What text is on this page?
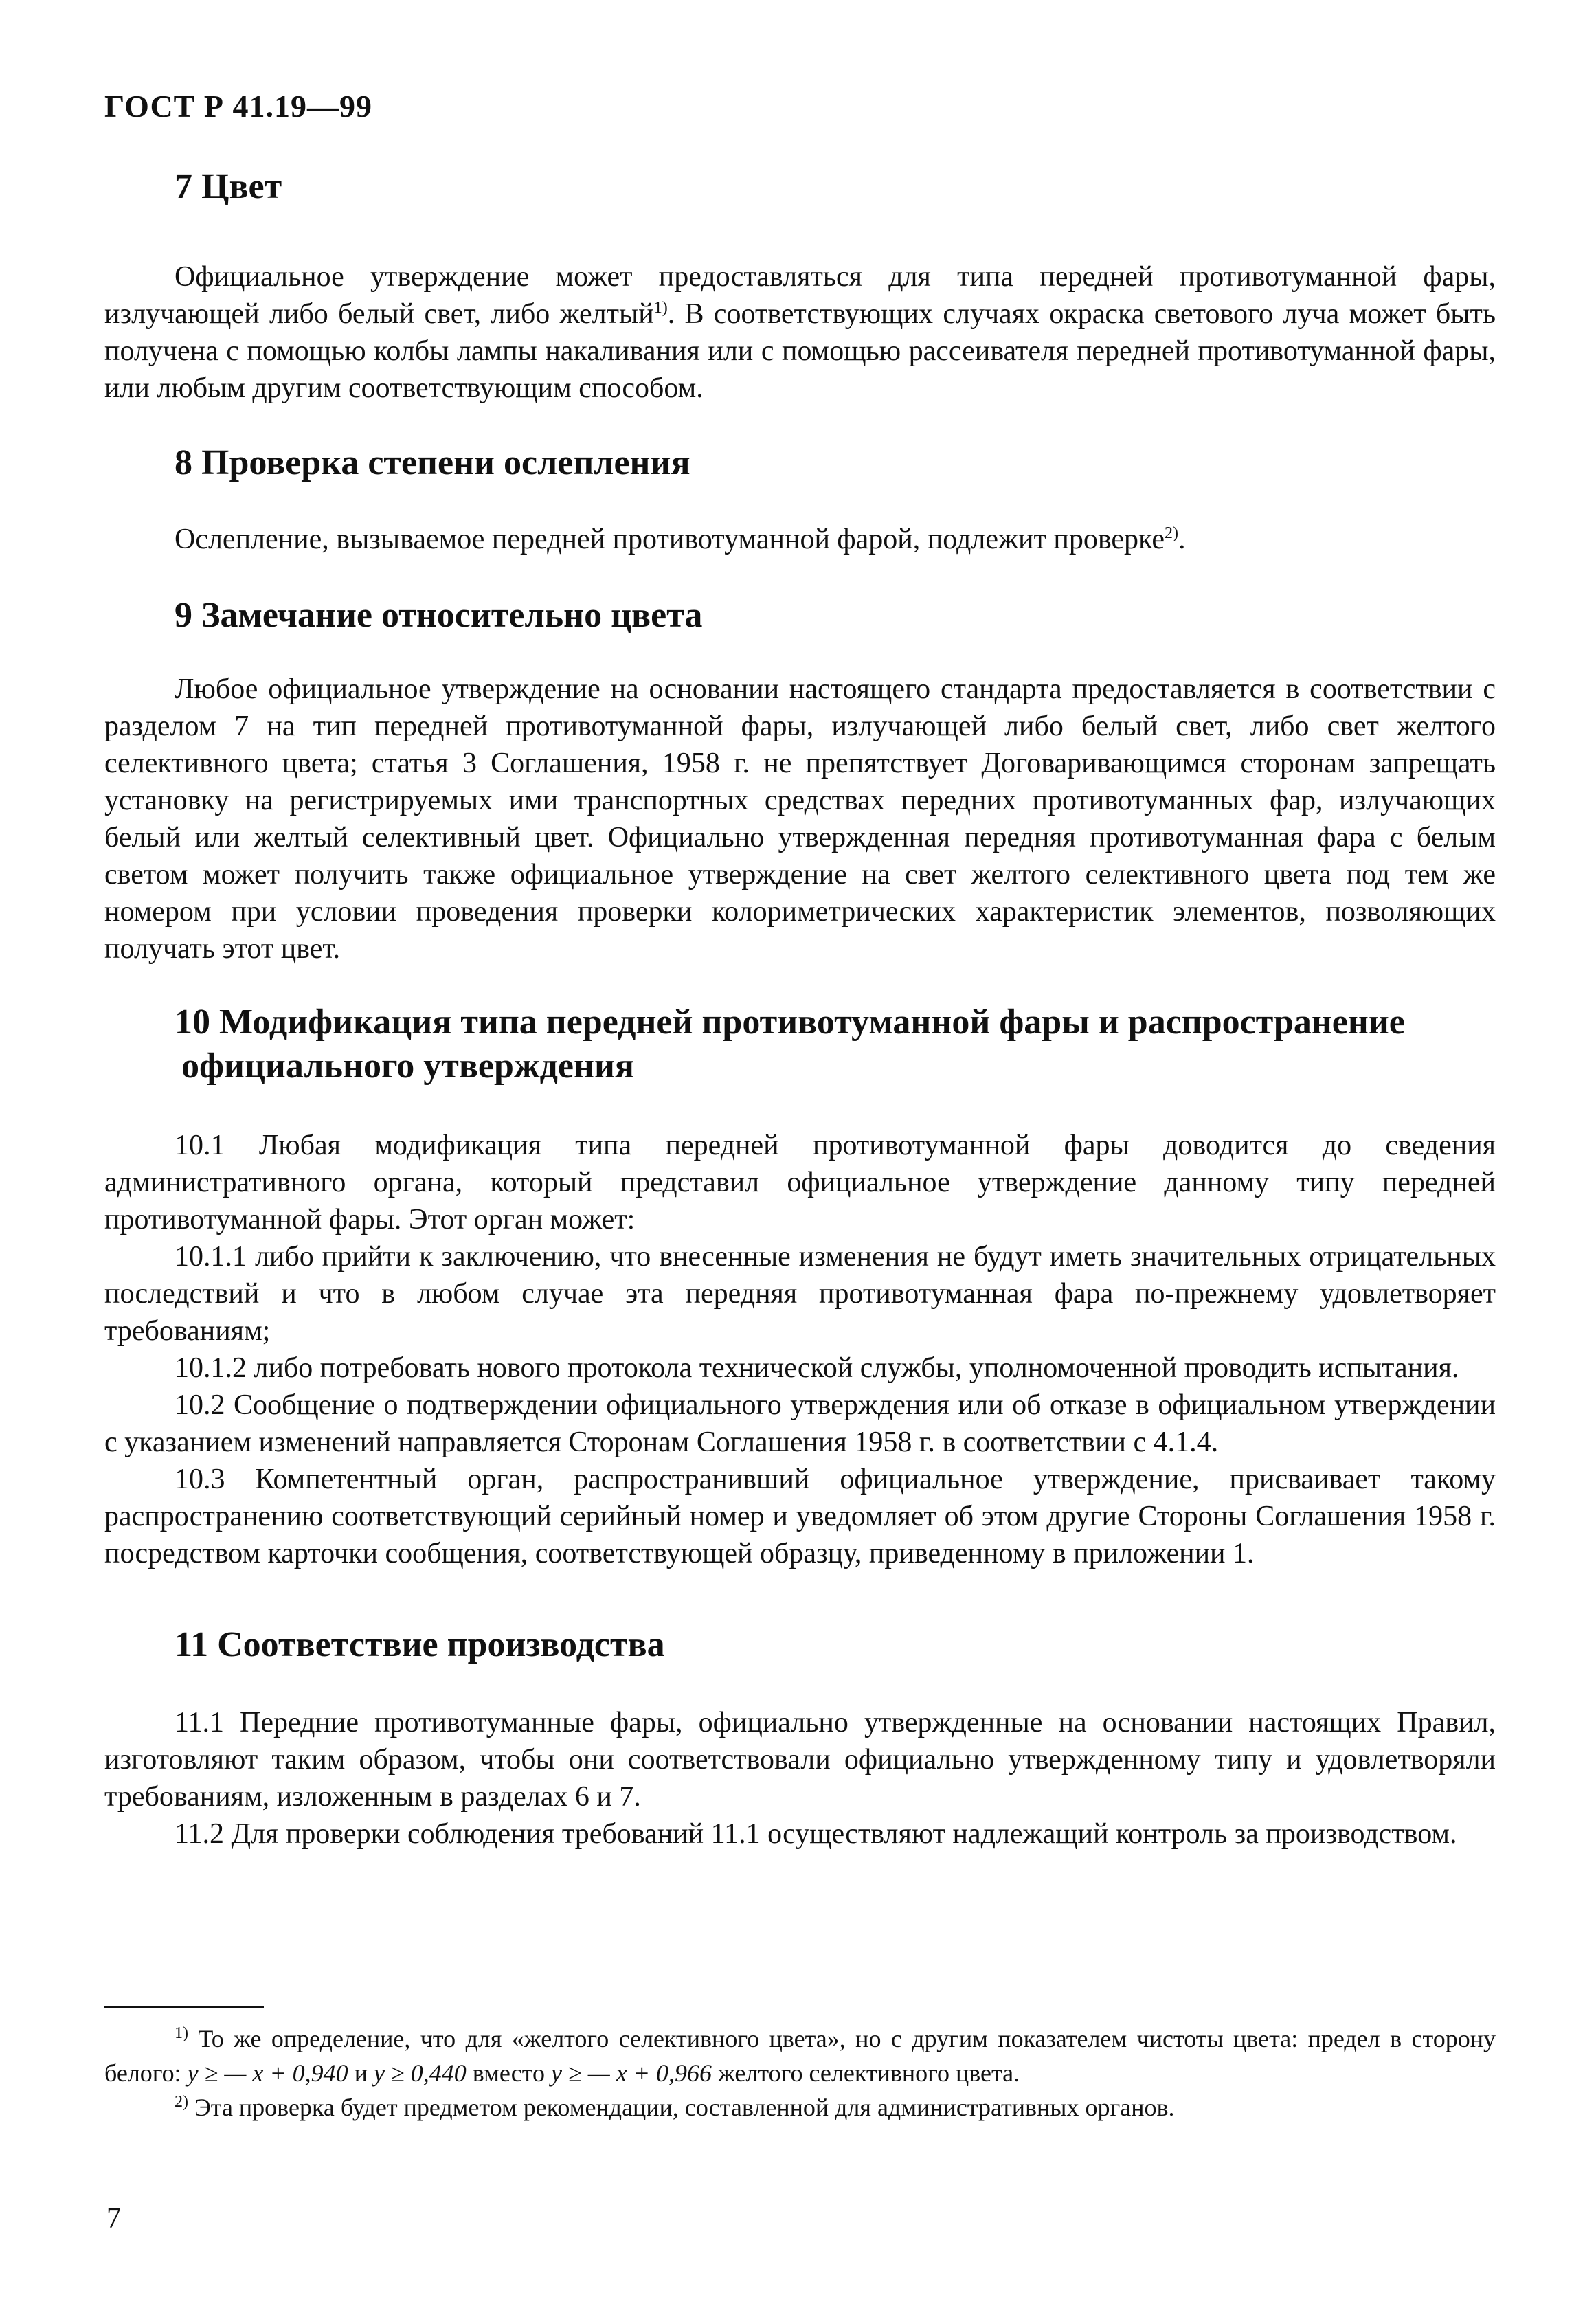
ГОСТ Р 41.19—99
7 Цвет

Официальное утверждение может предоставляться для типа передней противотуманной фары, излучающей либо белый свет, либо желтый$^{1)}$. В соответствующих случаях окраска светового луча может быть получена с помощью колбы лампы накаливания или с помощью рассеивателя передней противотуманной фары, или любым другим соответствующим способом.

8 Проверка степени ослепления

Ослепление, вызываемое передней противотуманной фарой, подлежит проверке$^{2)}$.

9 Замечание относительно цвета

Любое официальное утверждение на основании настоящего стандарта предоставляется в соответствии с разделом 7 на тип передней противотуманной фары, излучающей либо белый свет, либо свет желтого селективного цвета; статья 3 Соглашения, 1958 г. не препятствует Договаривающимся сторонам запрещать установку на регистрируемых ими транспортных средствах передних противотуманных фар, излучающих белый или желтый селективный цвет. Официально утвержденная передняя противотуманная фара с белым светом может получить также официальное утверждение на свет желтого селективного цвета под тем же номером при условии проведения проверки колориметрических характеристик элементов, позволяющих получать этот цвет.

10 Модификация типа передней противотуманной фары и распространение
официального утверждения

10.1 Любая модификация типа передней противотуманной фары доводится до сведения административного органа, который представил официальное утверждение данному типу передней противотуманной фары. Этот орган может:

10.1.1 либо прийти к заключению, что внесенные изменения не будут иметь значительных отрицательных последствий и что в любом случае эта передняя противотуманная фара по-прежнему удовлетворяет требованиям;

10.1.2 либо потребовать нового протокола технической службы, уполномоченной проводить испытания.

10.2 Сообщение о подтверждении официального утверждения или об отказе в официальном утверждении с указанием изменений направляется Сторонам Соглашения 1958 г. в соответствии с 4.1.4.

10.3 Компетентный орган, распространивший официальное утверждение, присваивает такому распространению соответствующий серийный номер и уведомляет об этом другие Стороны Соглашения 1958 г. посредством карточки сообщения, соответствующей образцу, приведенному в приложении 1.

11 Соответствие производства

11.1 Передние противотуманные фары, официально утвержденные на основании настоящих Правил, изготовляют таким образом, чтобы они соответствовали официально утвержденному типу и удовлетворяли требованиям, изложенным в разделах 6 и 7.

11.2 Для проверки соблюдения требований 11.1 осуществляют надлежащий контроль за производством.

$^{1)}$ То же определение, что для «желтого селективного цвета», но с другим показателем чистоты цвета: предел в сторону белого: y ≥ — x + 0,940 и y ≥ 0,440 вместо y ≥ — x + 0,966 желтого селективного цвета.

$^{2)}$ Эта проверка будет предметом рекомендации, составленной для административных органов.

7
